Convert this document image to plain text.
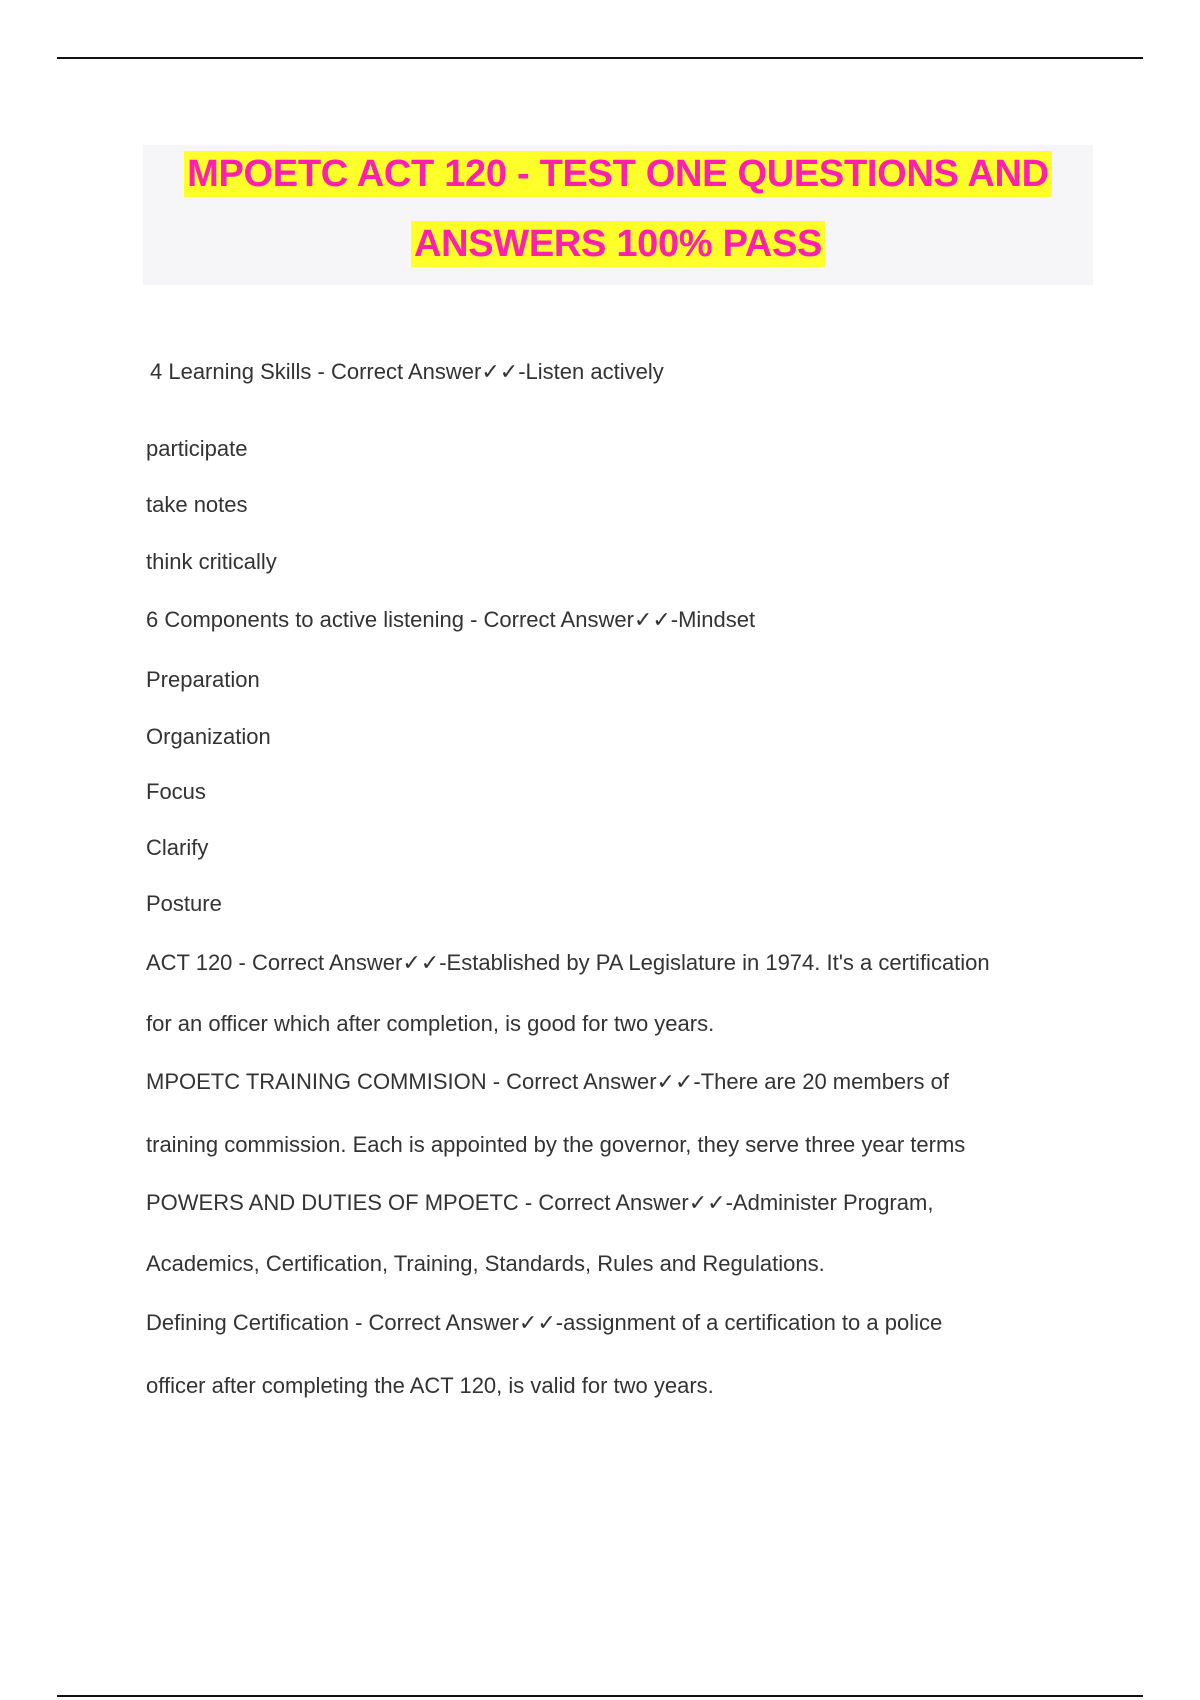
MPOETC ACT 120 - TEST ONE QUESTIONS AND
ANSWERS 100% PASS
4 Learning Skills - Correct Answer✓✓-Listen actively
participate
take notes
think critically
6 Components to active listening - Correct Answer✓✓-Mindset
Preparation
Organization
Focus
Clarify
Posture
ACT 120 - Correct Answer✓✓-Established by PA Legislature in 1974. It's a certification
for an officer which after completion, is good for two years.
MPOETC TRAINING COMMISION - Correct Answer✓✓-There are 20 members of
training commission. Each is appointed by the governor, they serve three year terms
POWERS AND DUTIES OF MPOETC - Correct Answer✓✓-Administer Program,
Academics, Certification, Training, Standards, Rules and Regulations.
Defining Certification - Correct Answer✓✓-assignment of a certification to a police
officer after completing the ACT 120, is valid for two years.
